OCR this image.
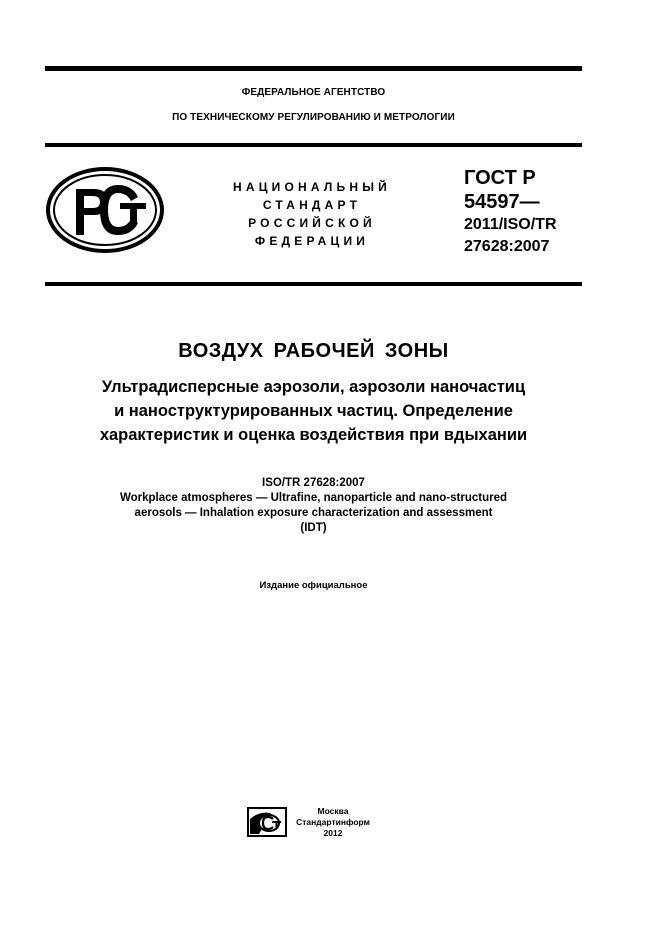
ФЕДЕРАЛЬНОЕ АГЕНТСТВО
ПО ТЕХНИЧЕСКОМУ РЕГУЛИРОВАНИЮ И МЕТРОЛОГИИ
НАЦИОНАЛЬНЫЙ
СТАНДАРТ
РОССИЙСКОЙ
ФЕДЕРАЦИИ
ГОСТ Р
54597—
2011/ISO/TR
27628:2007
ВОЗДУХ РАБОЧЕЙ ЗОНЫ
Ультрадисперсные аэрозоли, аэрозоли наночастиц
и наноструктурированных частиц. Определение
характеристик и оценка воздействия при вдыхании
ISO/TR 27628:2007
Workplace atmospheres — Ultrafine, nanoparticle and nano-structured
aerosols — Inhalation exposure characterization and assessment
(IDT)
Издание официальное
Москва
Стандартинформ
2012
